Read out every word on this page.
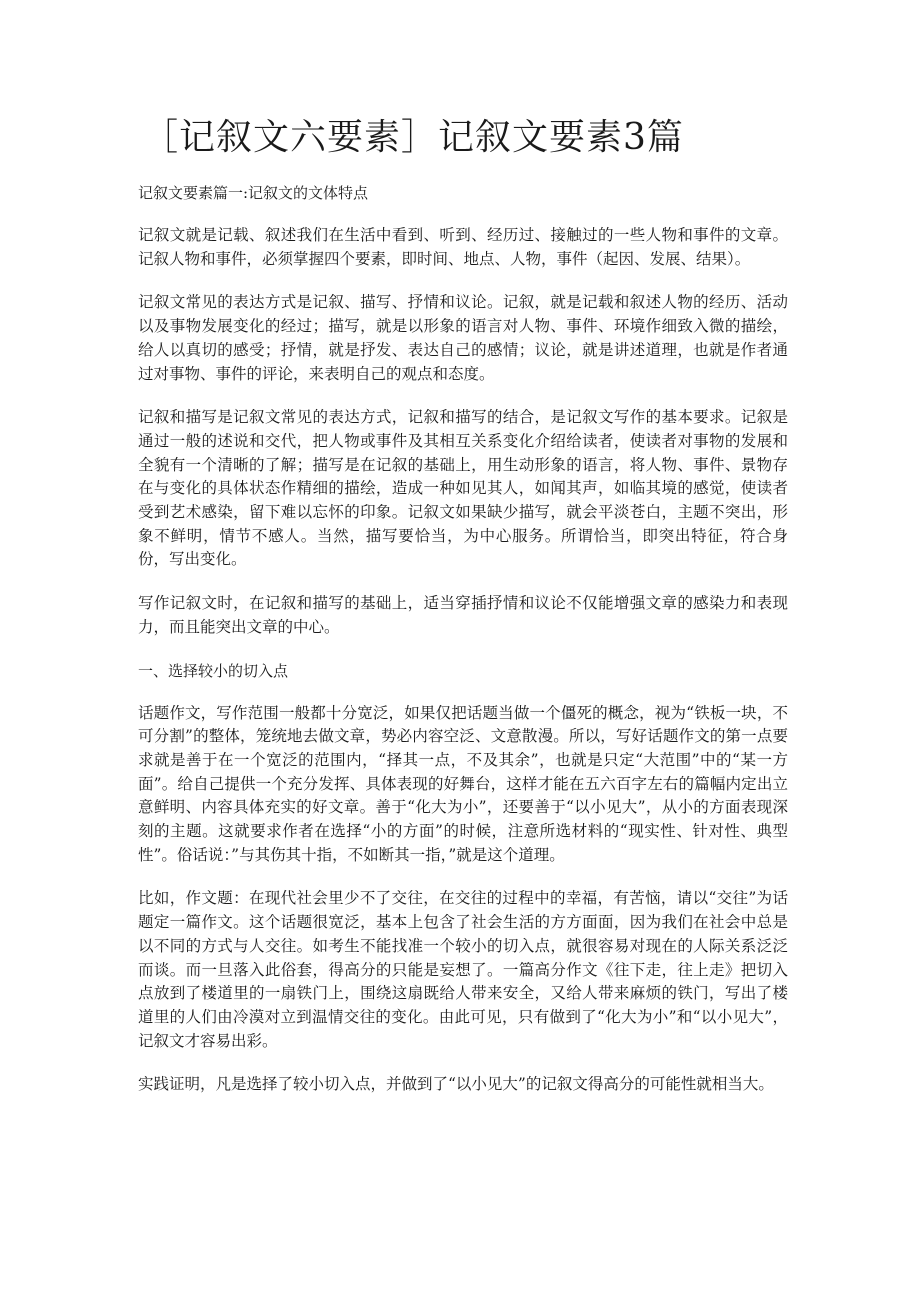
［记叙文六要素］记叙文要素3篇

记叙文要素篇一:记叙文的文体特点

记叙文就是记载、叙述我们在生活中看到、听到、经历过、接触过的一些人物和事件的文章。记叙人物和事件，必须掌握四个要素，即时间、地点、人物，事件（起因、发展、结果）。

记叙文常见的表达方式是记叙、描写、抒情和议论。记叙，就是记载和叙述人物的经历、活动以及事物发展变化的经过；描写，就是以形象的语言对人物、事件、环境作细致入微的描绘，给人以真切的感受；抒情，就是抒发、表达自己的感情；议论，就是讲述道理，也就是作者通过对事物、事件的评论，来表明自己的观点和态度。

记叙和描写是记叙文常见的表达方式，记叙和描写的结合，是记叙文写作的基本要求。记叙是通过一般的述说和交代，把人物或事件及其相互关系变化介绍给读者，使读者对事物的发展和全貌有一个清晰的了解；描写是在记叙的基础上，用生动形象的语言，将人物、事件、景物存在与变化的具体状态作精细的描绘，造成一种如见其人，如闻其声，如临其境的感觉，使读者受到艺术感染，留下难以忘怀的印象。记叙文如果缺少描写，就会平淡苍白，主题不突出，形象不鲜明，情节不感人。当然，描写要恰当，为中心服务。所谓恰当，即突出特征，符合身份，写出变化。

写作记叙文时，在记叙和描写的基础上，适当穿插抒情和议论不仅能增强文章的感染力和表现力，而且能突出文章的中心。

一、选择较小的切入点

话题作文，写作范围一般都十分宽泛，如果仅把话题当做一个僵死的概念，视为“铁板一块，不可分割”的整体，笼统地去做文章，势必内容空泛、文意散漫。所以，写好话题作文的第一点要求就是善于在一个宽泛的范围内，“择其一点，不及其余”，也就是只定“大范围”中的“某一方面”。给自己提供一个充分发挥、具体表现的好舞台，这样才能在五六百字左右的篇幅内定出立意鲜明、内容具体充实的好文章。善于“化大为小”，还要善于“以小见大”，从小的方面表现深刻的主题。这就要求作者在选择“小的方面”的时候，注意所选材料的“现实性、针对性、典型性”。俗话说：”与其伤其十指，不如断其一指，”就是这个道理。

比如，作文题：在现代社会里少不了交往，在交往的过程中的幸福，有苦恼，请以“交往”为话题定一篇作文。这个话题很宽泛，基本上包含了社会生活的方方面面，因为我们在社会中总是以不同的方式与人交往。如考生不能找准一个较小的切入点，就很容易对现在的人际关系泛泛而谈。而一旦落入此俗套，得高分的只能是妄想了。一篇高分作文《往下走，往上走》把切入点放到了楼道里的一扇铁门上，围绕这扇既给人带来安全，又给人带来麻烦的铁门，写出了楼道里的人们由冷漠对立到温情交往的变化。由此可见，只有做到了“化大为小”和“以小见大”，记叙文才容易出彩。

实践证明，凡是选择了较小切入点，并做到了“以小见大”的记叙文得高分的可能性就相当大。
